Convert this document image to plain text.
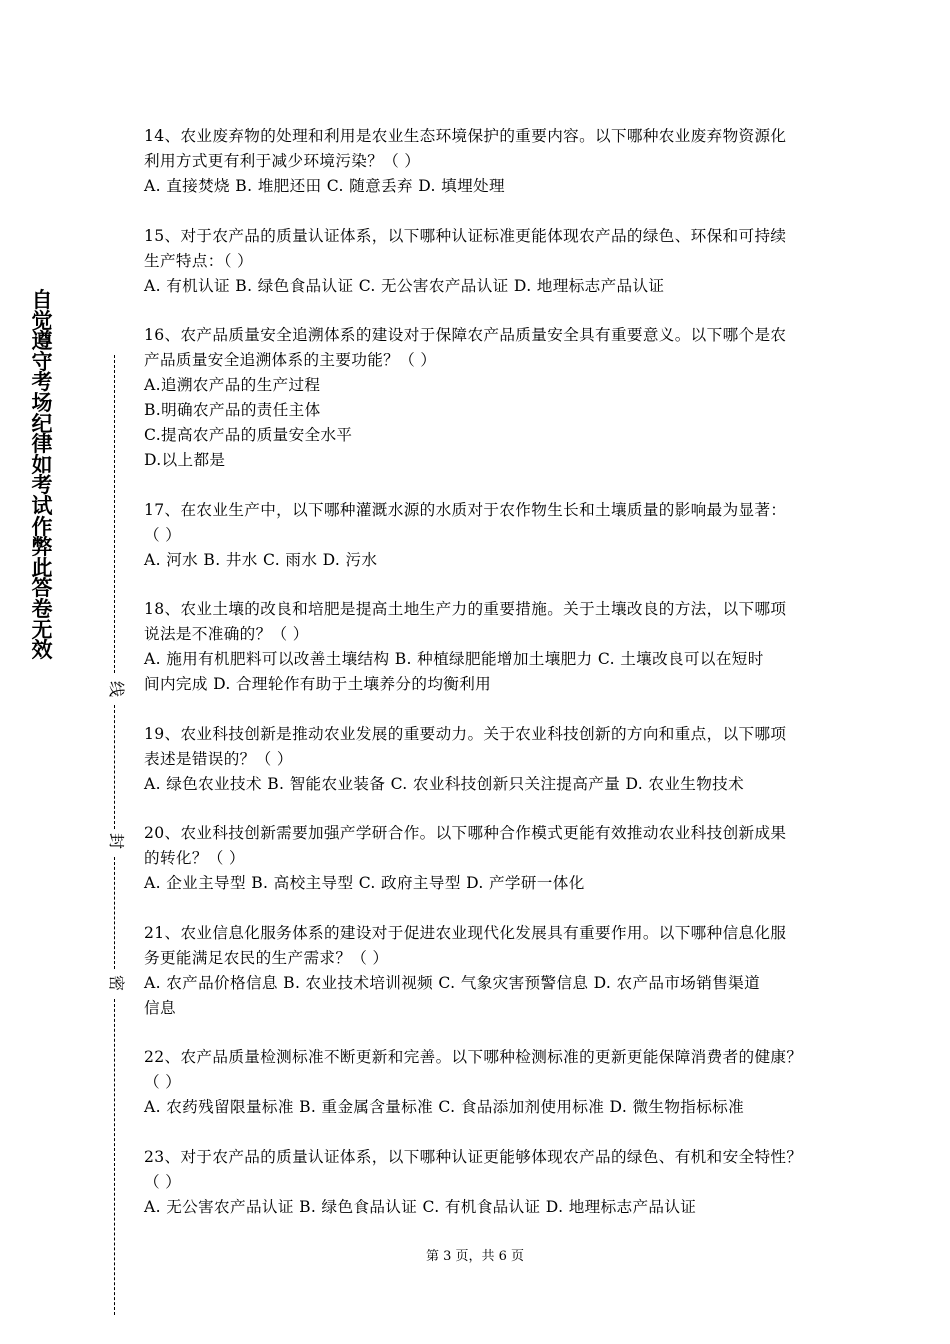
自觉遵守考场纪律如考试作弊此答卷无效
线
封
密
14、农业废弃物的处理和利用是农业生态环境保护的重要内容。以下哪种农业废弃物资源化
利用方式更有利于减少环境污染？（ ）
A. 直接焚烧 B. 堆肥还田 C. 随意丢弃 D. 填埋处理
15、对于农产品的质量认证体系，以下哪种认证标准更能体现农产品的绿色、环保和可持续
生产特点：（ ）
A. 有机认证 B. 绿色食品认证 C. 无公害农产品认证 D. 地理标志产品认证
16、农产品质量安全追溯体系的建设对于保障农产品质量安全具有重要意义。以下哪个是农
产品质量安全追溯体系的主要功能？（ ）
A.追溯农产品的生产过程
B.明确农产品的责任主体
C.提高农产品的质量安全水平
D.以上都是
17、在农业生产中，以下哪种灌溉水源的水质对于农作物生长和土壤质量的影响最为显著：
（ ）
A. 河水 B. 井水 C. 雨水 D. 污水
18、农业土壤的改良和培肥是提高土地生产力的重要措施。关于土壤改良的方法，以下哪项
说法是不准确的？（ ）
A. 施用有机肥料可以改善土壤结构 B. 种植绿肥能增加土壤肥力 C. 土壤改良可以在短时
间内完成 D. 合理轮作有助于土壤养分的均衡利用
19、农业科技创新是推动农业发展的重要动力。关于农业科技创新的方向和重点，以下哪项
表述是错误的？（ ）
A. 绿色农业技术 B. 智能农业装备 C. 农业科技创新只关注提高产量 D. 农业生物技术
20、农业科技创新需要加强产学研合作。以下哪种合作模式更能有效推动农业科技创新成果
的转化？（ ）
A. 企业主导型 B. 高校主导型 C. 政府主导型 D. 产学研一体化
21、农业信息化服务体系的建设对于促进农业现代化发展具有重要作用。以下哪种信息化服
务更能满足农民的生产需求？（ ）
A. 农产品价格信息 B. 农业技术培训视频 C. 气象灾害预警信息 D. 农产品市场销售渠道
信息
22、农产品质量检测标准不断更新和完善。以下哪种检测标准的更新更能保障消费者的健康？
（ ）
A. 农药残留限量标准 B. 重金属含量标准 C. 食品添加剂使用标准 D. 微生物指标标准
23、对于农产品的质量认证体系，以下哪种认证更能够体现农产品的绿色、有机和安全特性？
（ ）
A. 无公害农产品认证 B. 绿色食品认证 C. 有机食品认证 D. 地理标志产品认证
第 3 页，共 6 页
